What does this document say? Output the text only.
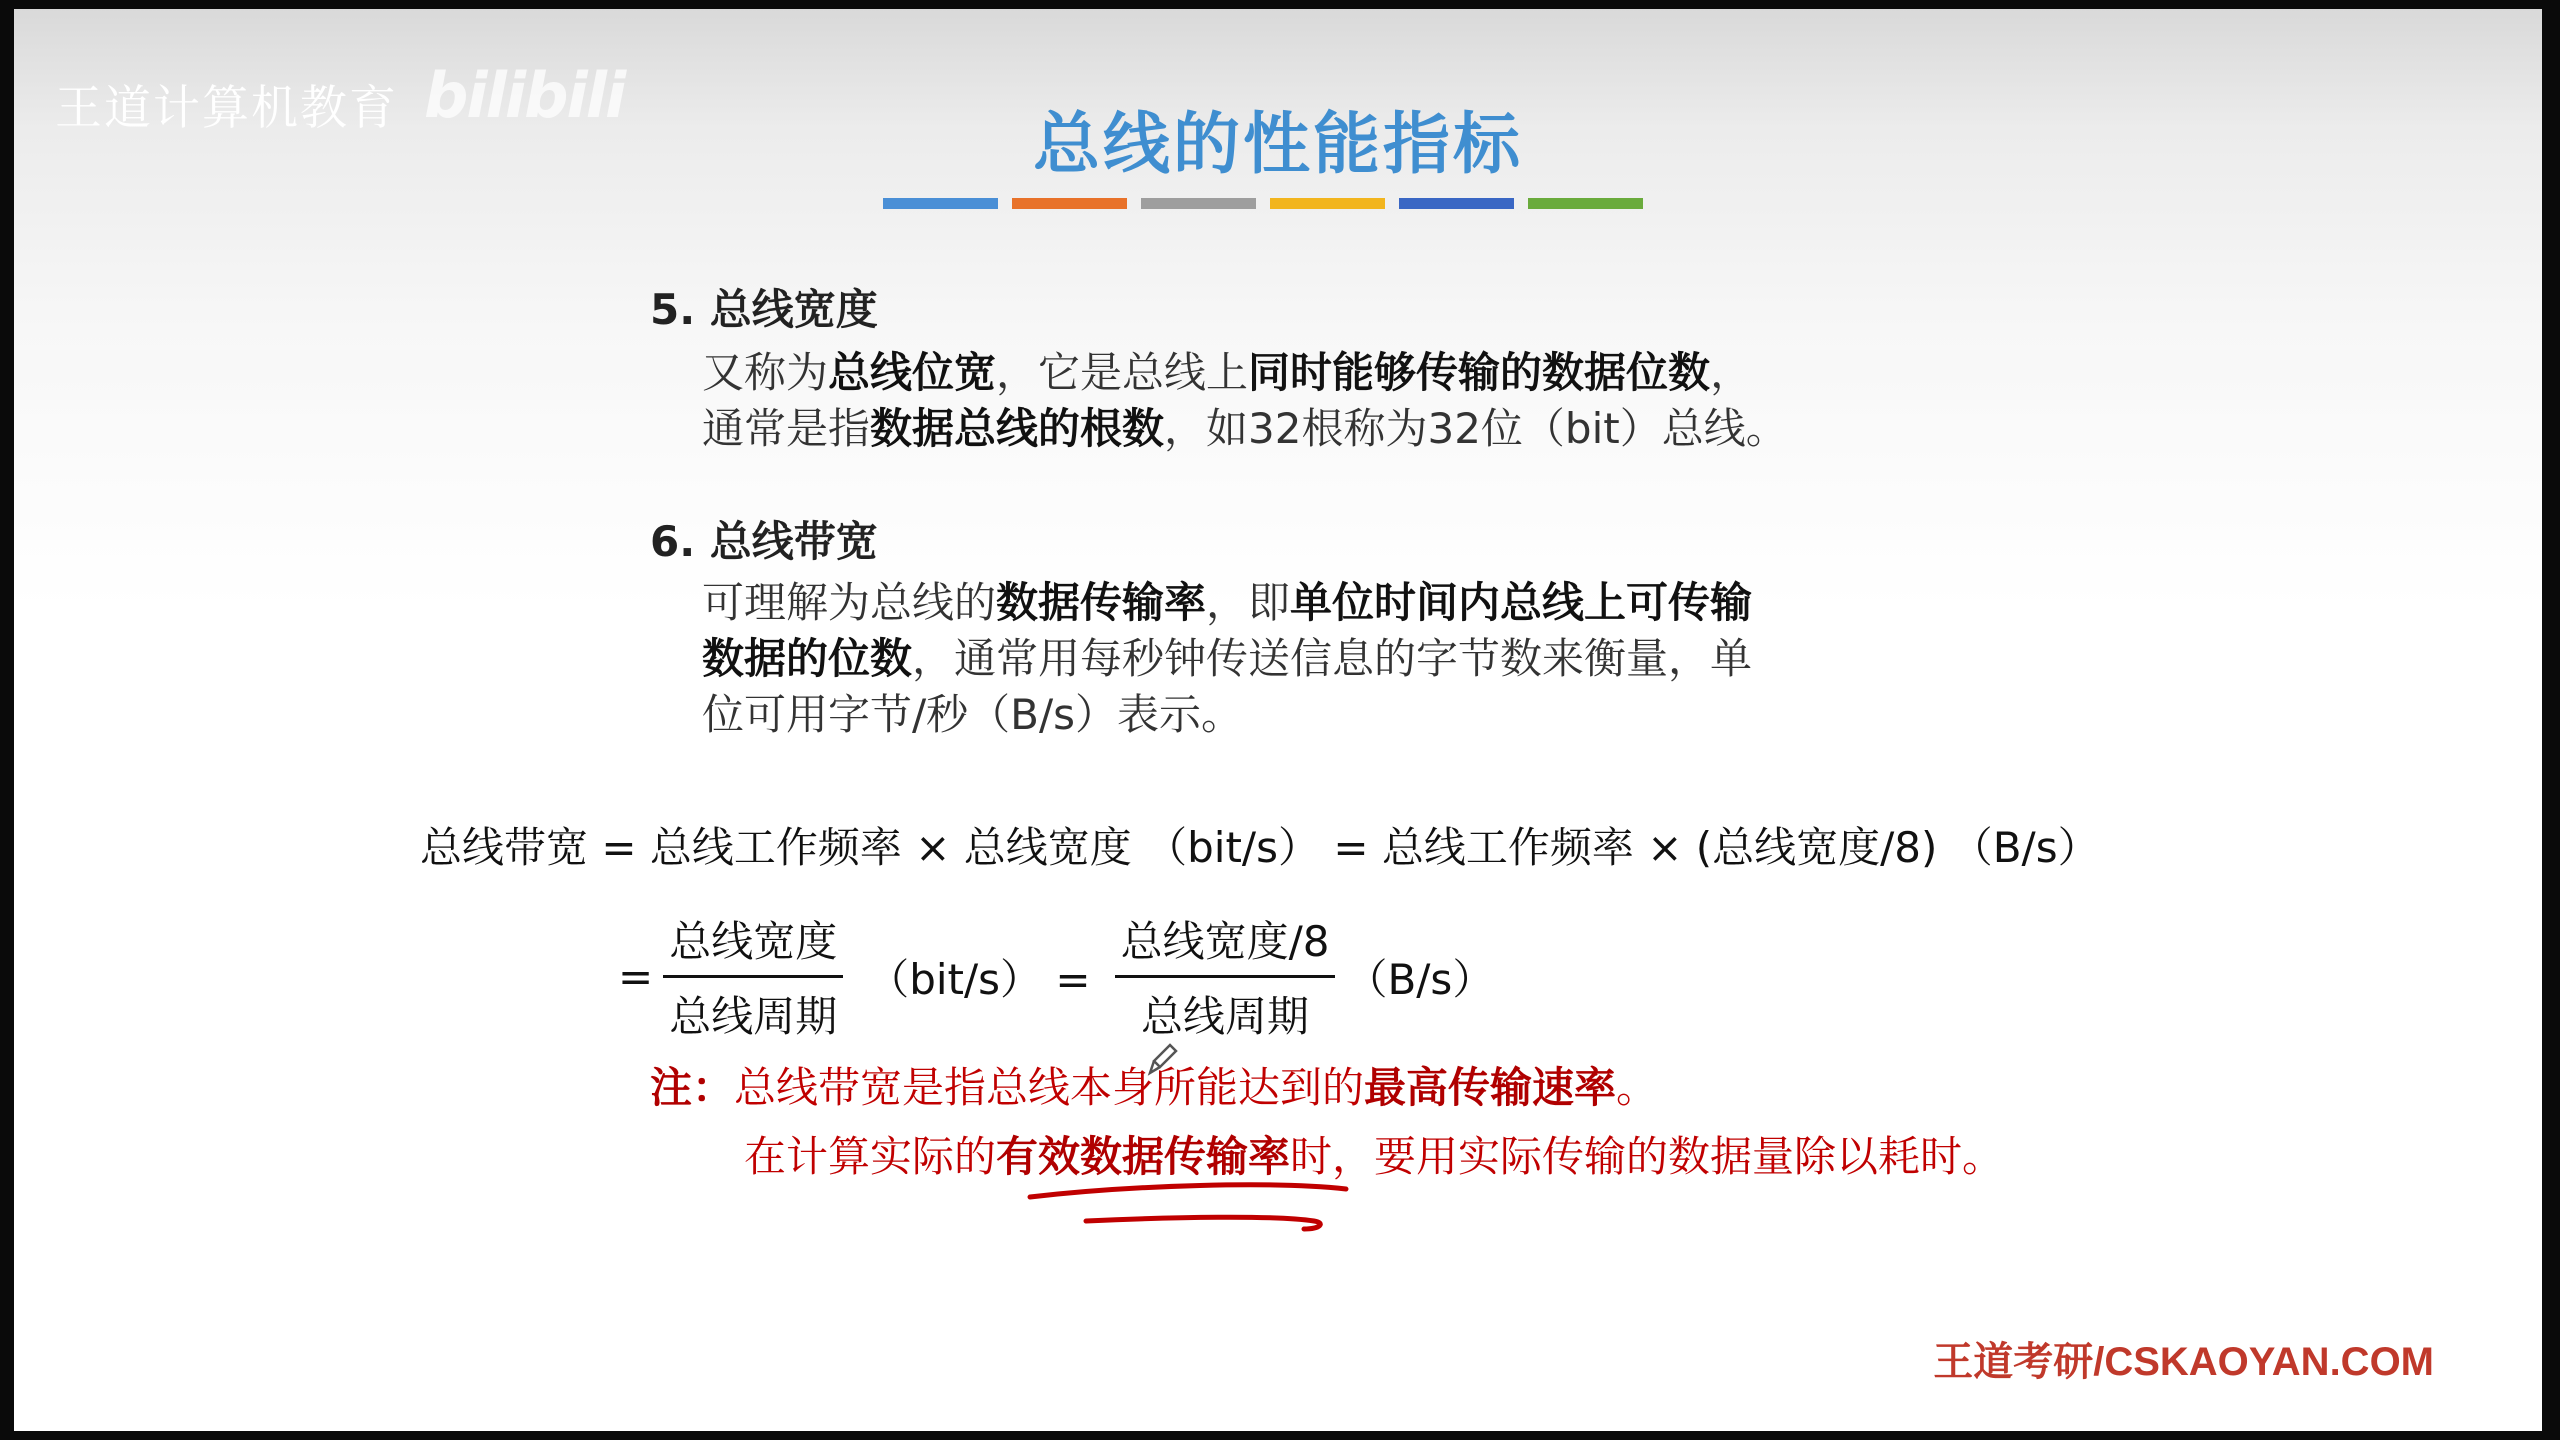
王道计算机教育 bilibili
总线的性能指标
5. 总线宽度
又称为总线位宽，它是总线上同时能够传输的数据位数，
通常是指数据总线的根数，如32根称为32位（bit）总线。
6. 总线带宽
可理解为总线的数据传输率，即单位时间内总线上可传输
数据的位数，通常用每秒钟传送信息的字节数来衡量，单
位可用字节/秒（B/s）表示。
总线带宽 = 总线工作频率 × 总线宽度 （bit/s） = 总线工作频率 × (总线宽度/8) （B/s）
= $\frac{\text{总线宽度}}{\text{总线周期}} (bit/s) = \frac{\text{总线宽度/8}}{\text{总线周期}} (B/s)$
注：总线带宽是指总线本身所能达到的最高传输速率。
在计算实际的有效数据传输率时，要用实际传输的数据量除以耗时。
王道考研/CSKAOYAN.COM
